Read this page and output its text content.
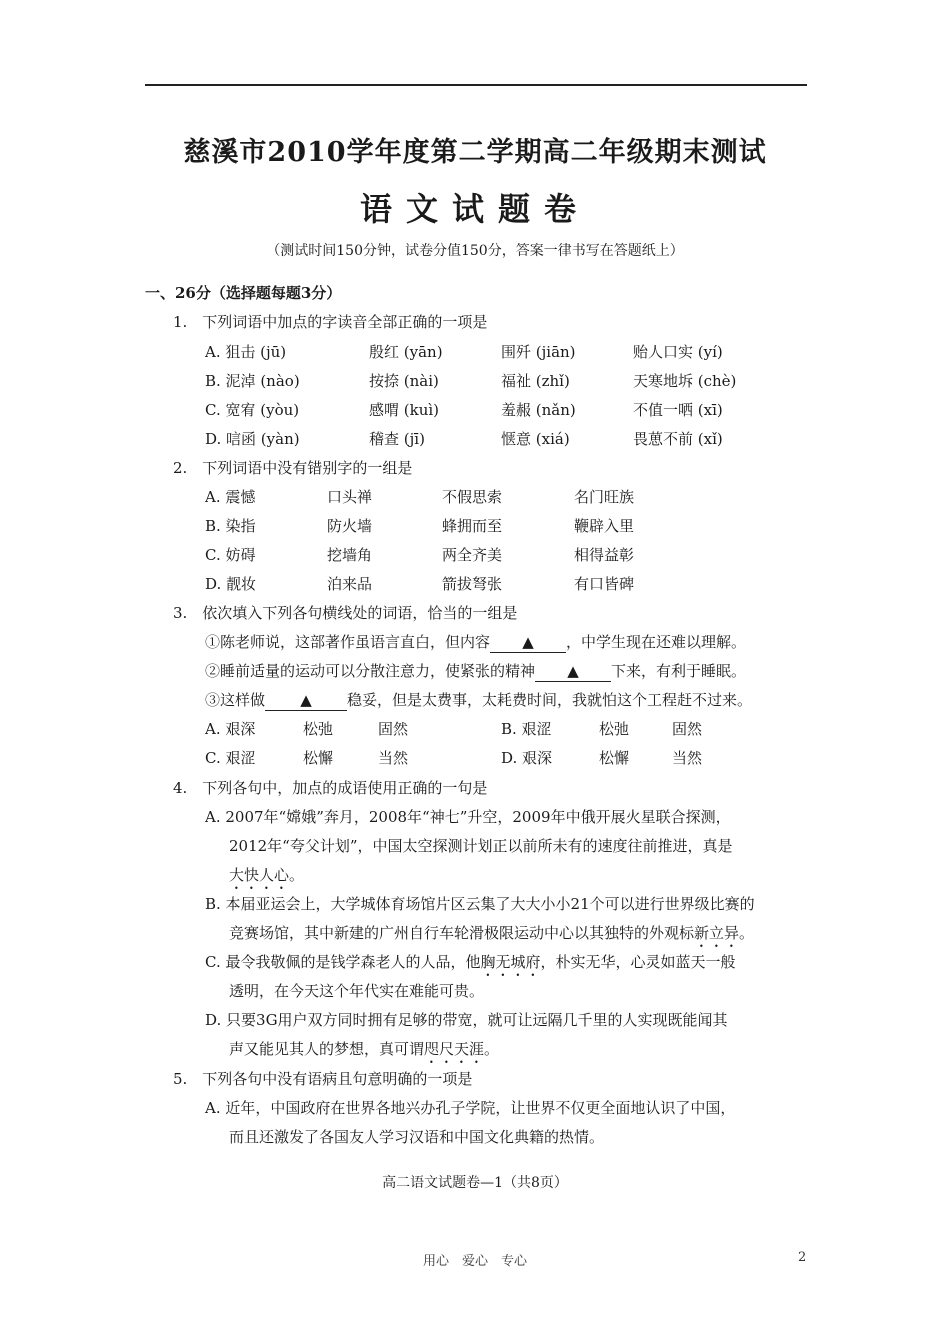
慈溪市2010学年度第二学期高二年级期末测试
语文试题卷
（测试时间150分钟，试卷分值150分，答案一律书写在答题纸上）
一、26分（选择题每题3分）
1.　下列词语中加点的字读音全部正确的一项是
A. 狙击 (jū)	殷红 (yān)	围歼 (jiān)	贻人口实 (yí)
B. 泥淖 (nào)	按捺 (nài)	福祉 (zhǐ)	天寒地坼 (chè)
C. 宽宥 (yòu)	感喟 (kuì)	羞赧 (nǎn)	不值一哂 (xī)
D. 唁函 (yàn)	稽查 (jī)	惬意 (xiá)	畏葸不前 (xǐ)
2.　下列词语中没有错别字的一组是
A. 震憾	口头禅	不假思索	名门旺族
B. 染指	防火墙	蜂拥而至	鞭辟入里
C. 妨碍	挖墙角	两全齐美	相得益彰
D. 靓妆	泊来品	箭拔弩张	有口皆碑
3.　依次填入下列各句横线处的词语，恰当的一组是
①陈老师说，这部著作虽语言直白，但内容 ▲ ，中学生现在还难以理解。
②睡前适量的运动可以分散注意力，使紧张的精神 ▲ 下来，有利于睡眠。
③这样做 ▲ 稳妥，但是太费事，太耗费时间，我就怕这个工程赶不过来。
A. 艰深	松弛	固然	B. 艰涩	松弛	固然
C. 艰涩	松懈	当然	D. 艰深	松懈	当然
4.　下列各句中，加点的成语使用正确的一句是
A. 2007年“嫦娥”奔月，2008年“神七”升空，2009年中俄开展火星联合探测，
2012年“夸父计划”，中国太空探测计划正以前所未有的速度往前推进，真是
大快人心。
B. 本届亚运会上，大学城体育场馆片区云集了大大小小21个可以进行世界级比赛的
竞赛场馆，其中新建的广州自行车轮滑极限运动中心以其独特的外观标新立异。
C. 最令我敬佩的是钱学森老人的人品，他胸无城府，朴实无华，心灵如蓝天一般
透明，在今天这个年代实在难能可贵。
D. 只要3G用户双方同时拥有足够的带宽，就可让远隔几千里的人实现既能闻其
声又能见其人的梦想，真可谓咫尺天涯。
5.　下列各句中没有语病且句意明确的一项是
A. 近年，中国政府在世界各地兴办孔子学院，让世界不仅更全面地认识了中国，
而且还激发了各国友人学习汉语和中国文化典籍的热情。
高二语文试题卷—1（共8页）
用心　爱心　专心	2
